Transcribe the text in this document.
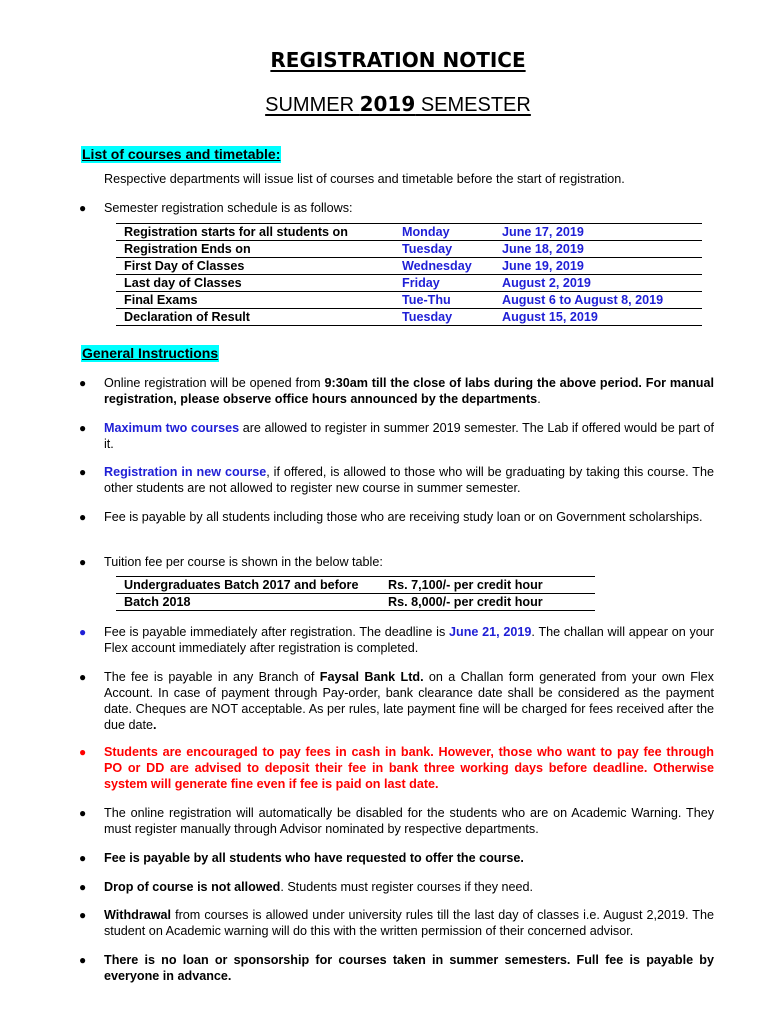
REGISTRATION NOTICE
SUMMER 2019 SEMESTER
List of courses and timetable:
Respective departments will issue list of courses and timetable before the start of registration.
● Semester registration schedule is as follows:
Registration starts for all students on	Monday	June 17, 2019
Registration Ends on	Tuesday	June 18, 2019
First Day of Classes	Wednesday	June 19, 2019
Last day of Classes	Friday	August 2, 2019
Final Exams	Tue-Thu	August 6 to August 8, 2019
Declaration of Result	Tuesday	August 15, 2019
General Instructions
● Online registration will be opened from 9:30am till the close of labs during the above period. For manual registration, please observe office hours announced by the departments.
● Maximum two courses are allowed to register in summer 2019 semester. The Lab if offered would be part of it.
● Registration in new course, if offered, is allowed to those who will be graduating by taking this course. The other students are not allowed to register new course in summer semester.
● Fee is payable by all students including those who are receiving study loan or on Government scholarships.
● Tuition fee per course is shown in the below table:
Undergraduates Batch 2017 and before	Rs. 7,100/- per credit hour
Batch 2018	Rs. 8,000/- per credit hour
● Fee is payable immediately after registration. The deadline is June 21, 2019. The challan will appear on your Flex account immediately after registration is completed.
● The fee is payable in any Branch of Faysal Bank Ltd. on a Challan form generated from your own Flex Account. In case of payment through Pay-order, bank clearance date shall be considered as the payment date. Cheques are NOT acceptable. As per rules, late payment fine will be charged for fees received after the due date.
● Students are encouraged to pay fees in cash in bank. However, those who want to pay fee through PO or DD are advised to deposit their fee in bank three working days before deadline. Otherwise system will generate fine even if fee is paid on last date.
● The online registration will automatically be disabled for the students who are on Academic Warning. They must register manually through Advisor nominated by respective departments.
● Fee is payable by all students who have requested to offer the course.
● Drop of course is not allowed. Students must register courses if they need.
● Withdrawal from courses is allowed under university rules till the last day of classes i.e. August 2,2019. The student on Academic warning will do this with the written permission of their concerned advisor.
● There is no loan or sponsorship for courses taken in summer semesters. Full fee is payable by everyone in advance.
